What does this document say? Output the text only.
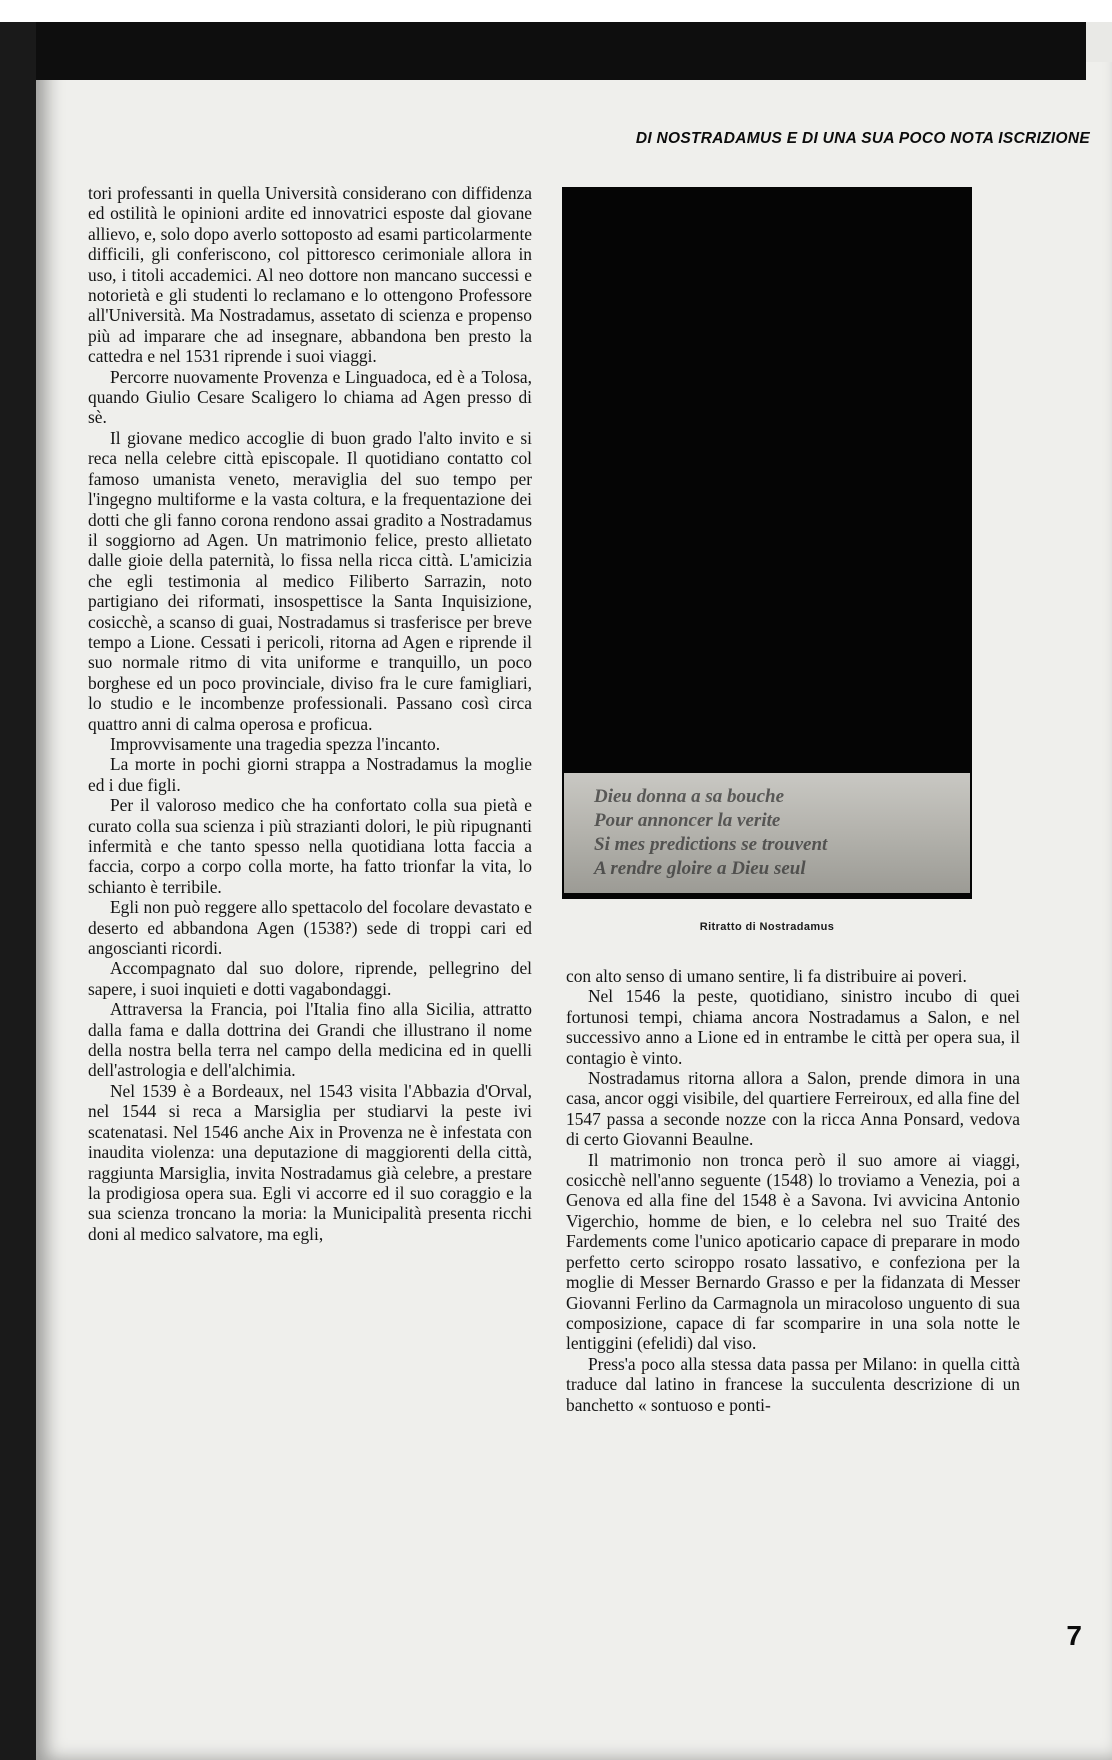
DI NOSTRADAMUS E DI UNA SUA POCO NOTA ISCRIZIONE

tori professanti in quella Università considerano con diffidenza ed ostilità le opinioni ardite ed innovatrici esposte dal giovane allievo, e, solo dopo averlo sottoposto ad esami particolarmente difficili, gli conferiscono, col pittoresco cerimoniale allora in uso, i titoli accademici. Al neo dottore non mancano successi e notorietà e gli studenti lo reclamano e lo ottengono Professore all'Università. Ma Nostradamus, assetato di scienza e propenso più ad imparare che ad insegnare, abbandona ben presto la cattedra e nel 1531 riprende i suoi viaggi.

Percorre nuovamente Provenza e Linguadoca, ed è a Tolosa, quando Giulio Cesare Scaligero lo chiama ad Agen presso di sè.

Il giovane medico accoglie di buon grado l'alto invito e si reca nella celebre città episcopale. Il quotidiano contatto col famoso umanista veneto, meraviglia del suo tempo per l'ingegno multiforme e la vasta coltura, e la frequentazione dei dotti che gli fanno corona rendono assai gradito a Nostradamus il soggiorno ad Agen. Un matrimonio felice, presto allietato dalle gioie della paternità, lo fissa nella ricca città. L'amicizia che egli testimonia al medico Filiberto Sarrazin, noto partigiano dei riformati, insospettisce la Santa Inquisizione, cosicchè, a scanso di guai, Nostradamus si trasferisce per breve tempo a Lione. Cessati i pericoli, ritorna ad Agen e riprende il suo normale ritmo di vita uniforme e tranquillo, un poco borghese ed un poco provinciale, diviso fra le cure famigliari, lo studio e le incombenze professionali. Passano così circa quattro anni di calma operosa e proficua.

Improvvisamente una tragedia spezza l'incanto.

La morte in pochi giorni strappa a Nostradamus la moglie ed i due figli.

Per il valoroso medico che ha confortato colla sua pietà e curato colla sua scienza i più strazianti dolori, le più ripugnanti infermità e che tanto spesso nella quotidiana lotta faccia a faccia, corpo a corpo colla morte, ha fatto trionfar la vita, lo schianto è terribile.

Egli non può reggere allo spettacolo del focolare devastato e deserto ed abbandona Agen (1538?) sede di troppi cari ed angoscianti ricordi.

Accompagnato dal suo dolore, riprende, pellegrino del sapere, i suoi inquieti e dotti vagabondaggi.

Attraversa la Francia, poi l'Italia fino alla Sicilia, attratto dalla fama e dalla dottrina dei Grandi che illustrano il nome della nostra bella terra nel campo della medicina ed in quelli dell'astrologia e dell'alchimia.

Nel 1539 è a Bordeaux, nel 1543 visita l'Abbazia d'Orval, nel 1544 si reca a Marsiglia per studiarvi la peste ivi scatenatasi. Nel 1546 anche Aix in Provenza ne è infestata con inaudita violenza: una deputazione di maggiorenti della città, raggiunta Marsiglia, invita Nostradamus già celebre, a prestare la prodigiosa opera sua. Egli vi accorre ed il suo coraggio e la sua scienza troncano la moria: la Municipalità presenta ricchi doni al medico salvatore, ma egli,

Dieu donna a sa bouche
Pour annoncer la verite
Si mes predictions se trouvent
A rendre gloire a Dieu seul
Ritratto di Nostradamus

con alto senso di umano sentire, li fa distribuire ai poveri.

Nel 1546 la peste, quotidiano, sinistro incubo di quei fortunosi tempi, chiama ancora Nostradamus a Salon, e nel successivo anno a Lione ed in entrambe le città per opera sua, il contagio è vinto.

Nostradamus ritorna allora a Salon, prende dimora in una casa, ancor oggi visibile, del quartiere Ferreiroux, ed alla fine del 1547 passa a seconde nozze con la ricca Anna Ponsard, vedova di certo Giovanni Beaulne.

Il matrimonio non tronca però il suo amore ai viaggi, cosicchè nell'anno seguente (1548) lo troviamo a Venezia, poi a Genova ed alla fine del 1548 è a Savona. Ivi avvicina Antonio Vigerchio, homme de bien, e lo celebra nel suo Traité des Fardements come l'unico apoticario capace di preparare in modo perfetto certo sciroppo rosato lassativo, e confeziona per la moglie di Messer Bernardo Grasso e per la fidanzata di Messer Giovanni Ferlino da Carmagnola un miracoloso unguento di sua composizione, capace di far scomparire in una sola notte le lentiggini (efelidi) dal viso.

Press'a poco alla stessa data passa per Milano: in quella città traduce dal latino in francese la succulenta descrizione di un banchetto « sontuoso e ponti-

7
